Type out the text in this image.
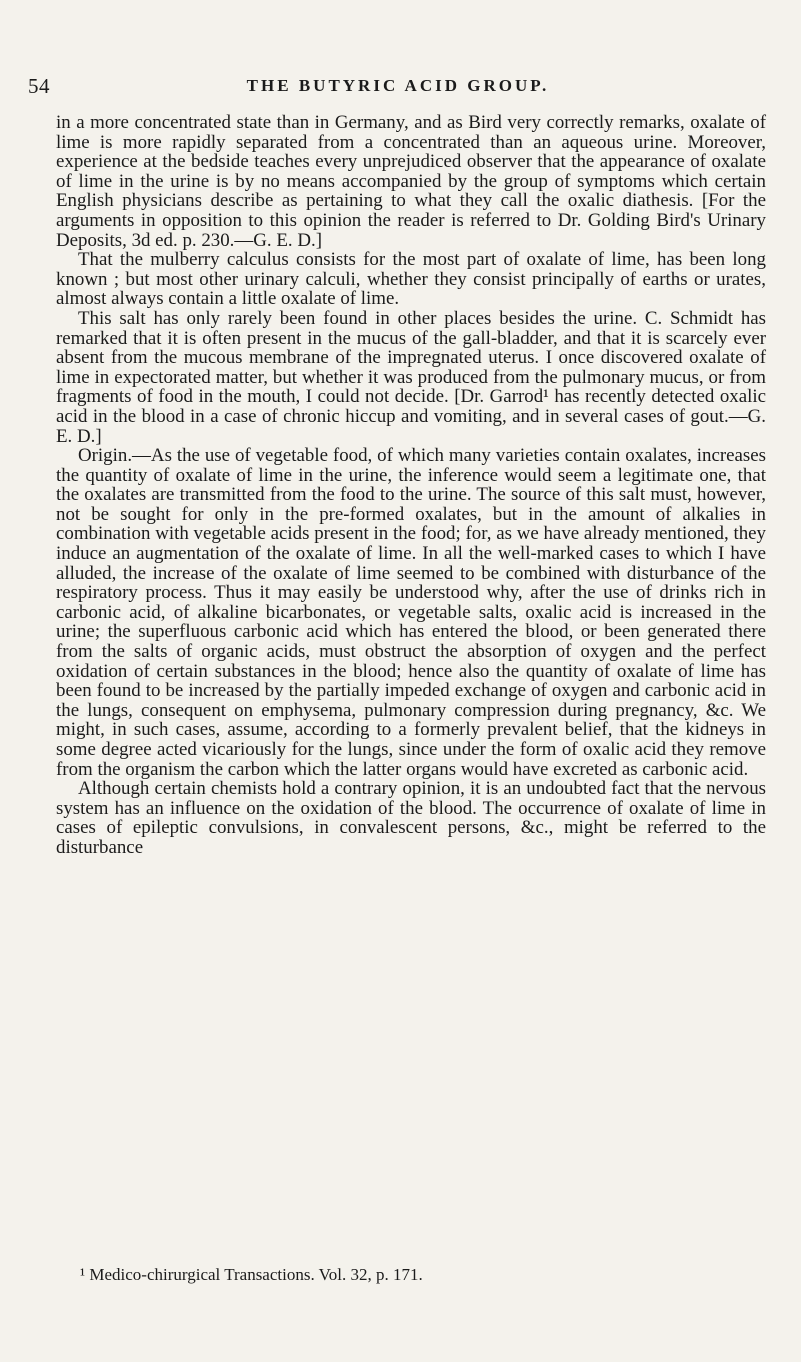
54	THE BUTYRIC ACID GROUP.

in a more concentrated state than in Germany, and as Bird very correctly remarks, oxalate of lime is more rapidly separated from a concentrated than an aqueous urine. Moreover, experience at the bedside teaches every unprejudiced observer that the appearance of oxalate of lime in the urine is by no means accompanied by the group of symptoms which certain English physicians describe as pertaining to what they call the oxalic diathesis. [For the arguments in opposition to this opinion the reader is referred to Dr. Golding Bird's Urinary Deposits, 3d ed. p. 230.—G. E. D.]

That the mulberry calculus consists for the most part of oxalate of lime, has been long known ; but most other urinary calculi, whether they consist principally of earths or urates, almost always contain a little oxalate of lime.

This salt has only rarely been found in other places besides the urine. C. Schmidt has remarked that it is often present in the mucus of the gall-bladder, and that it is scarcely ever absent from the mucous membrane of the impregnated uterus. I once discovered oxalate of lime in expectorated matter, but whether it was produced from the pulmonary mucus, or from fragments of food in the mouth, I could not decide. [Dr. Garrod¹ has recently detected oxalic acid in the blood in a case of chronic hiccup and vomiting, and in several cases of gout.—G. E. D.]

Origin.—As the use of vegetable food, of which many varieties contain oxalates, increases the quantity of oxalate of lime in the urine, the inference would seem a legitimate one, that the oxalates are transmitted from the food to the urine. The source of this salt must, however, not be sought for only in the pre-formed oxalates, but in the amount of alkalies in combination with vegetable acids present in the food; for, as we have already mentioned, they induce an augmentation of the oxalate of lime. In all the well-marked cases to which I have alluded, the increase of the oxalate of lime seemed to be combined with disturbance of the respiratory process. Thus it may easily be understood why, after the use of drinks rich in carbonic acid, of alkaline bicarbonates, or vegetable salts, oxalic acid is increased in the urine; the superfluous carbonic acid which has entered the blood, or been generated there from the salts of organic acids, must obstruct the absorption of oxygen and the perfect oxidation of certain substances in the blood; hence also the quantity of oxalate of lime has been found to be increased by the partially impeded exchange of oxygen and carbonic acid in the lungs, consequent on emphysema, pulmonary compression during pregnancy, &c. We might, in such cases, assume, according to a formerly prevalent belief, that the kidneys in some degree acted vicariously for the lungs, since under the form of oxalic acid they remove from the organism the carbon which the latter organs would have excreted as carbonic acid.

Although certain chemists hold a contrary opinion, it is an undoubted fact that the nervous system has an influence on the oxidation of the blood. The occurrence of oxalate of lime in cases of epileptic convulsions, in convalescent persons, &c., might be referred to the disturbance

¹ Medico-chirurgical Transactions. Vol. 32, p. 171.
